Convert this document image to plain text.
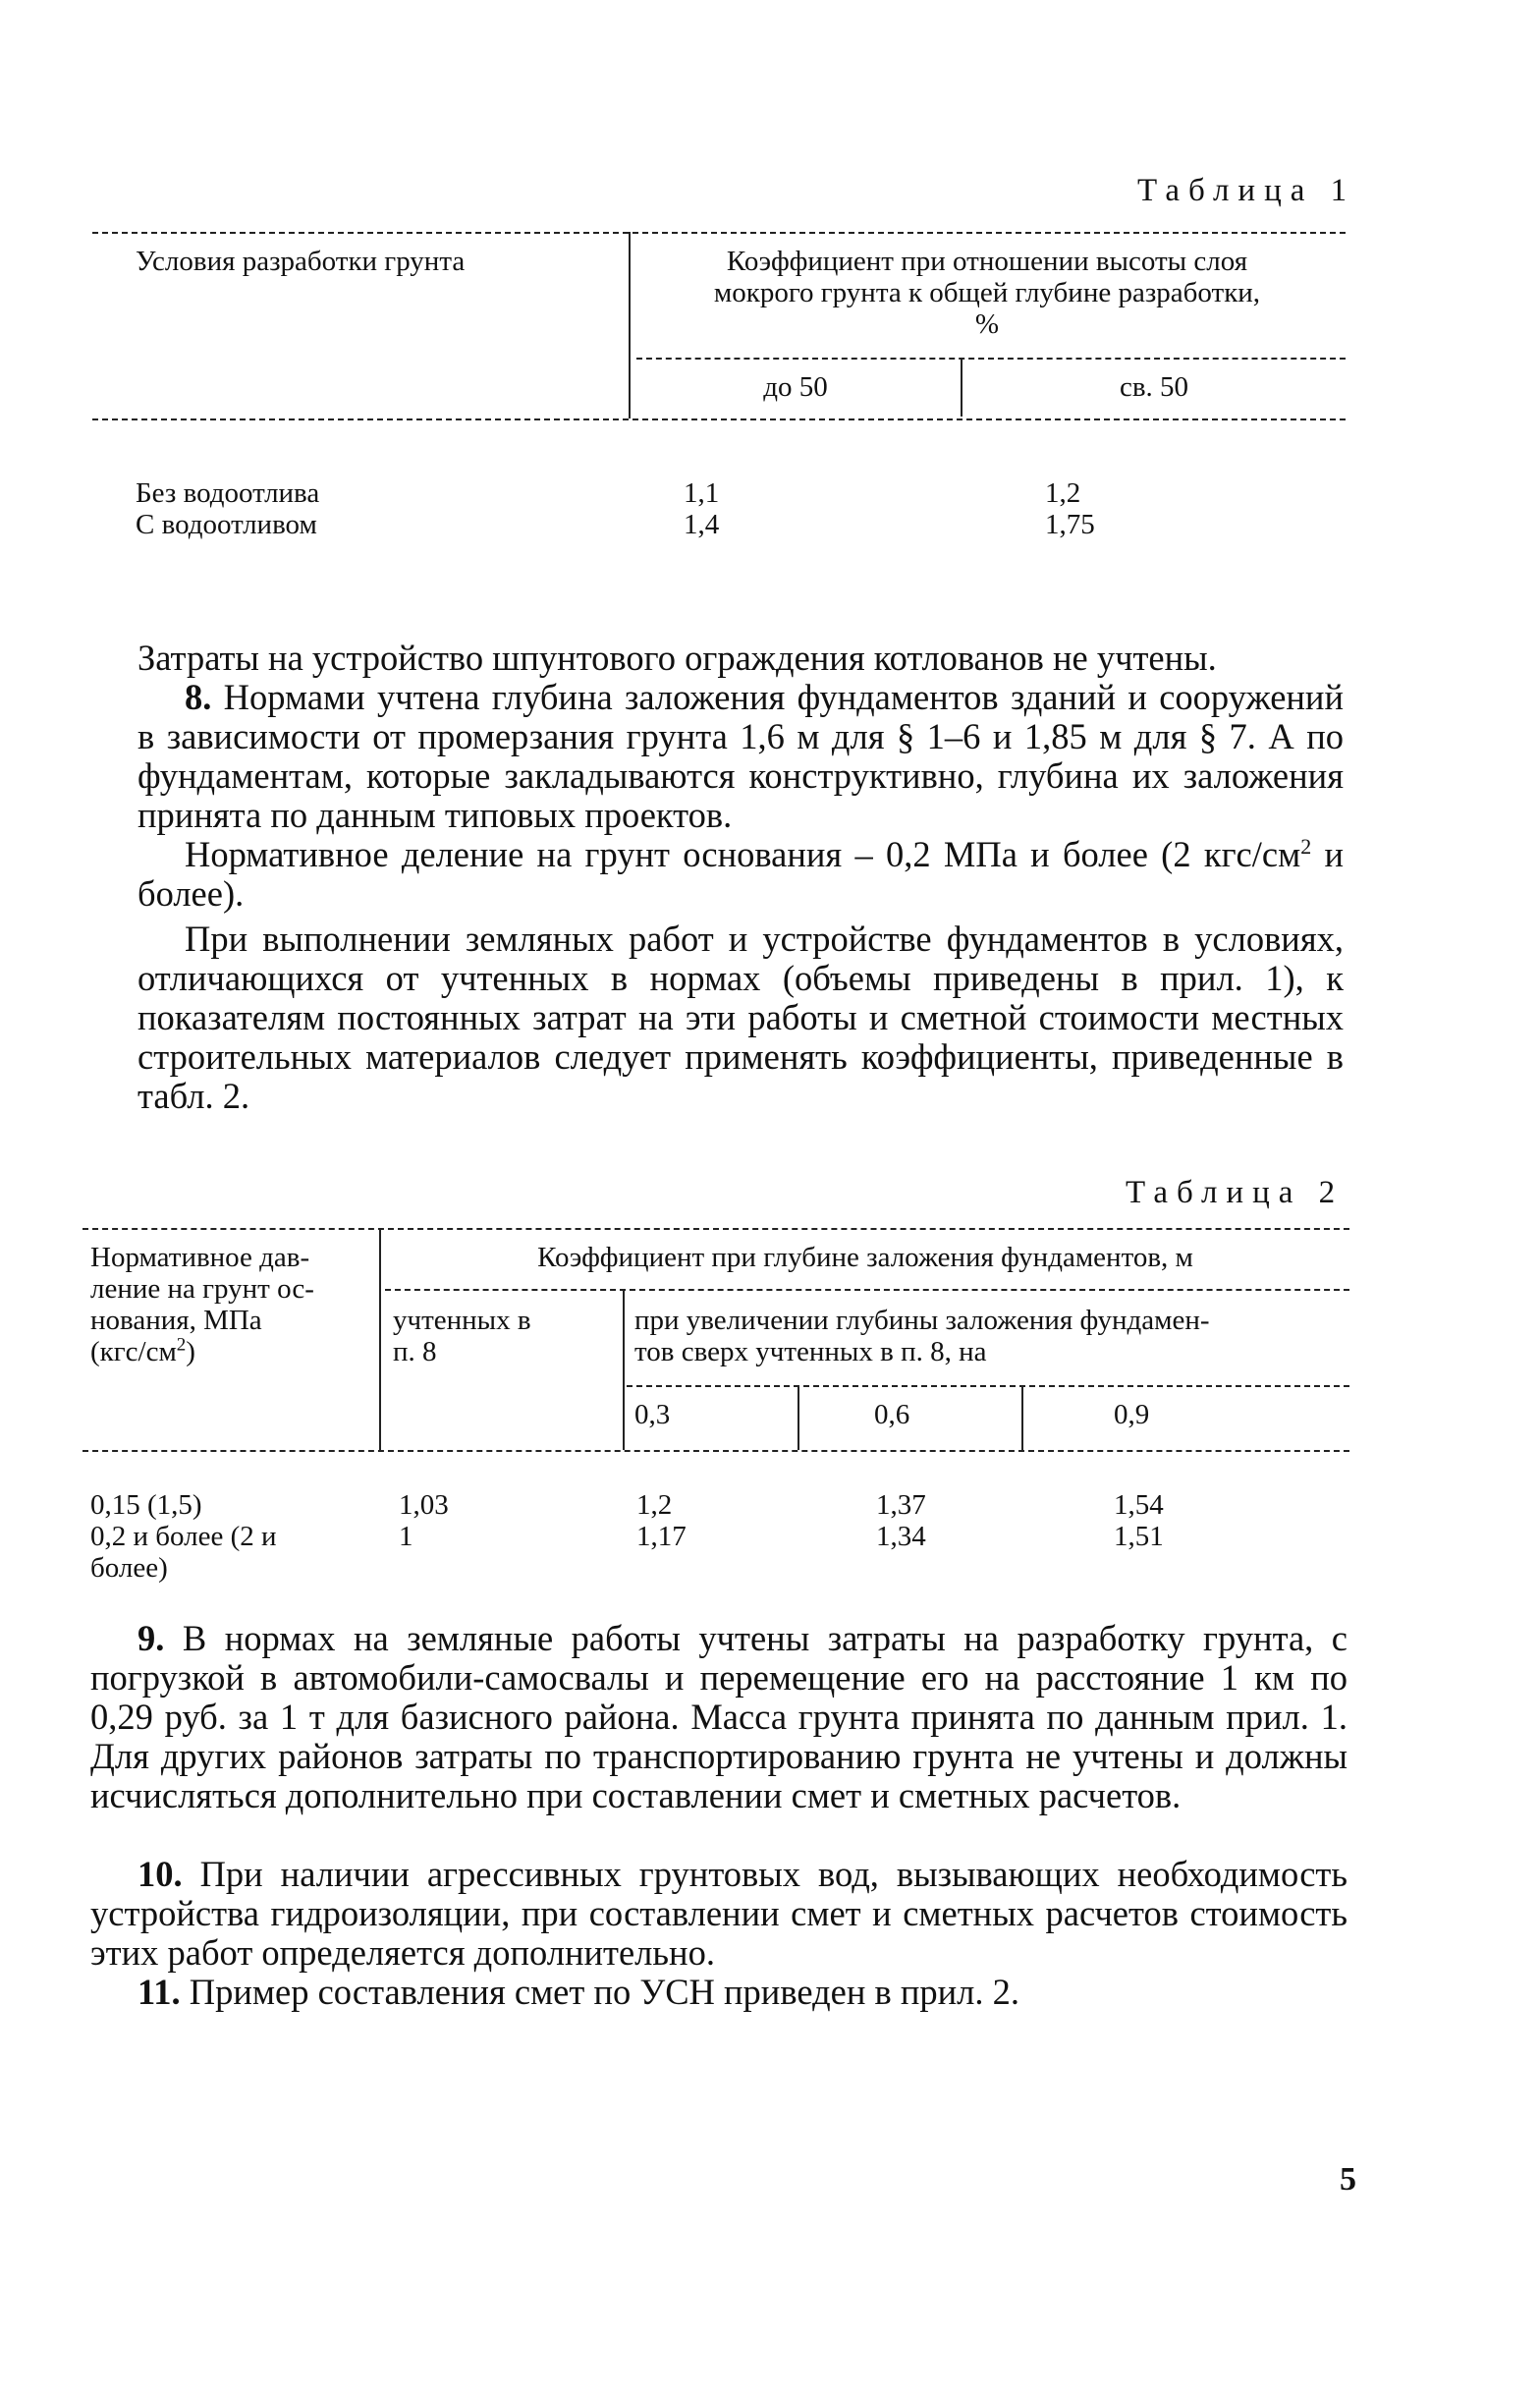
Таблица 1
Условия разработки грунта	Коэффициент при отношении высоты слоя
мокрого грунта к общей глубине разработки,
%
до 50	св. 50
Без водоотлива	1,1	1,2
С водоотливом	1,4	1,75
Затраты на устройство шпунтового ограждения котлованов не учтены.
8. Нормами учтена глубина заложения фундаментов зданий и сооружений в зависимости от промерзания грунта 1,6 м для § 1–6 и 1,85 м для § 7. А по фундаментам, которые закладываются конструктивно, глубина их заложения принята по данным типовых проектов.
Нормативное деление на грунт основания – 0,2 МПа и более (2 кгс/$см^2$ и более).
При выполнении земляных работ и устройстве фундаментов в условиях, отличающихся от учтенных в нормах (объемы приведены в прил. 1), к показателям постоянных затрат на эти работы и сметной стоимости местных строительных материалов следует применять коэффициенты, приведенные в табл. 2.
Таблица 2
Нормативное дав-
ление на грунт ос-
нования, МПа
$(кгс/см^2)$
Коэффициент при глубине заложения фундаментов, м
учтенных в
п. 8
при увеличении глубины заложения фундамен-
тов сверх учтенных в п. 8, на
0,3	0,6	0,9
0,15 (1,5)	1,03	1,2	1,37	1,54
0,2 и более (2 и
более)
1	1,17	1,34	1,51
9. В нормах на земляные работы учтены затраты на разработку грунта, с погрузкой в автомобили-самосвалы и перемещение его на расстояние 1 км по 0,29 руб. за 1 т для базисного района. Масса грунта принята по данным прил. 1. Для других районов затраты по транспортированию грунта не учтены и должны исчисляться дополнительно при составлении смет и сметных расчетов.
10. При наличии агрессивных грунтовых вод, вызывающих необходимость устройства гидроизоляции, при составлении смет и сметных расчетов стоимость этих работ определяется дополнительно.
11. Пример составления смет по УСН приведен в прил. 2.
5
